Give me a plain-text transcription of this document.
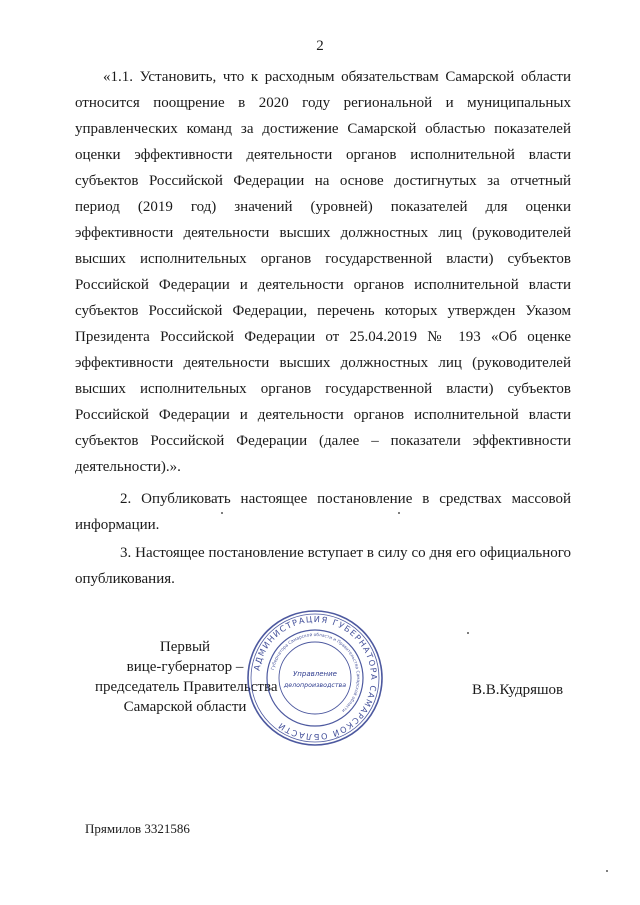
2

«1.1. Установить, что к расходным обязательствам Самарской области относится поощрение в 2020 году региональной и муниципальных управленческих команд за достижение Самарской областью показателей оценки эффективности деятельности органов исполнительной власти субъектов Российской Федерации на основе достигнутых за отчетный период (2019 год) значений (уровней) показателей для оценки эффективности деятельности высших должностных лиц (руководителей высших исполнительных органов государственной власти) субъектов Российской Федерации и деятельности органов исполнительной власти субъектов Российской Федерации, перечень которых утвержден Указом Президента Российской Федерации от 25.04.2019 № 193 «Об оценке эффективности деятельности высших должностных лиц (руководителей высших исполнительных органов государственной власти) субъектов Российской Федерации и деятельности органов исполнительной власти субъектов Российской Федерации (далее – показатели эффективности деятельности).».

2. Опубликовать настоящее постановление в средствах массовой информации.

3. Настоящее постановление вступает в силу со дня его официального опубликования.

Первый
вице-губернатор –
председатель Правительства
Самарской области
АДМИНИСТРАЦИЯ ГУБЕРНАТОРА САМАРСКОЙ ОБЛАСТИ
Губернатора Самарской области и Правительства Самарской области
Управление
делопроизводства	В.В.Кудряшов
Прямилов 3321586
